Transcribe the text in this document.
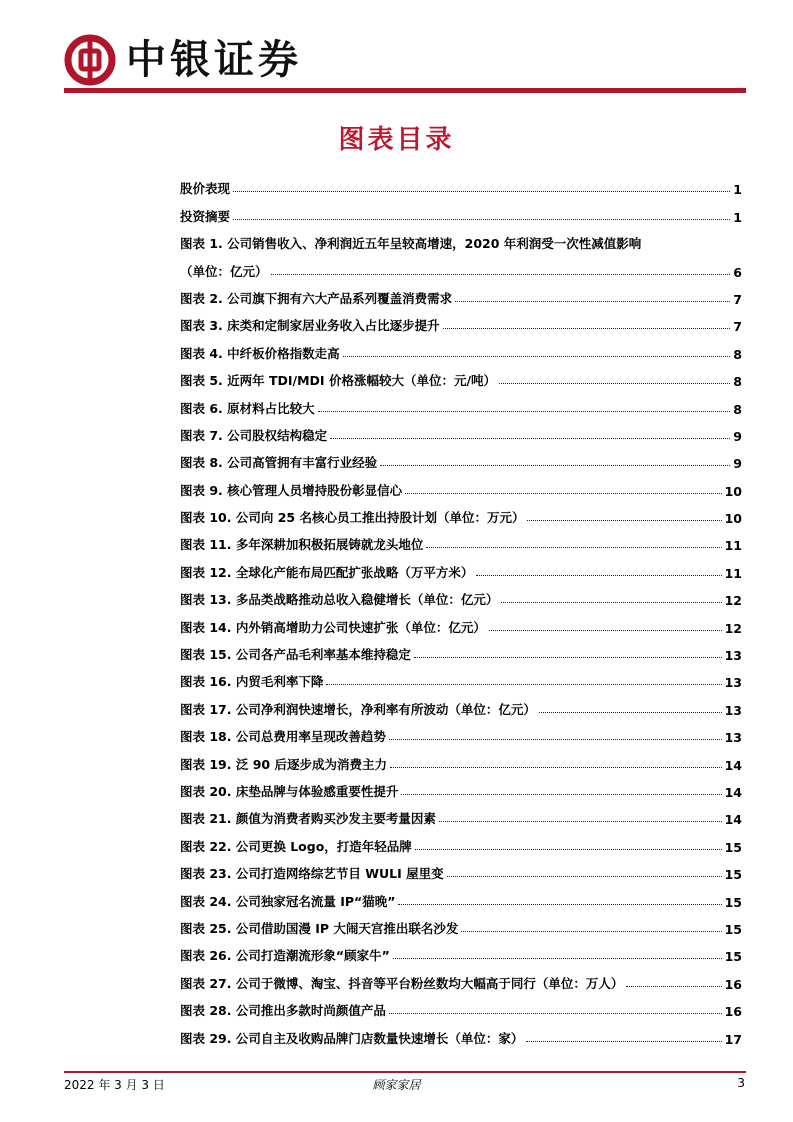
中银证券
图表目录
股价表现	1
投资摘要	1
图表 1. 公司销售收入、净利润近五年呈较高增速，2020 年利润受一次性减值影响
（单位：亿元）	6
图表 2. 公司旗下拥有六大产品系列覆盖消费需求	7
图表 3. 床类和定制家居业务收入占比逐步提升	7
图表 4. 中纤板价格指数走高	8
图表 5. 近两年 TDI/MDI 价格涨幅较大（单位：元/吨）	8
图表 6. 原材料占比较大	8
图表 7. 公司股权结构稳定	9
图表 8. 公司高管拥有丰富行业经验	9
图表 9. 核心管理人员增持股份彰显信心	10
图表 10. 公司向 25 名核心员工推出持股计划（单位：万元）	10
图表 11. 多年深耕加积极拓展铸就龙头地位	11
图表 12. 全球化产能布局匹配扩张战略（万平方米）	11
图表 13. 多品类战略推动总收入稳健增长（单位：亿元）	12
图表 14. 内外销高增助力公司快速扩张（单位：亿元）	12
图表 15. 公司各产品毛利率基本维持稳定	13
图表 16. 内贸毛利率下降	13
图表 17. 公司净利润快速增长，净利率有所波动（单位：亿元）	13
图表 18. 公司总费用率呈现改善趋势	13
图表 19. 泛 90 后逐步成为消费主力	14
图表 20. 床垫品牌与体验感重要性提升	14
图表 21. 颜值为消费者购买沙发主要考量因素	14
图表 22. 公司更换 Logo，打造年轻品牌	15
图表 23. 公司打造网络综艺节目 WULI 屋里变	15
图表 24. 公司独家冠名流量 IP“猫晚”	15
图表 25. 公司借助国漫 IP 大闹天宫推出联名沙发	15
图表 26. 公司打造潮流形象“顾家牛”	15
图表 27. 公司于微博、淘宝、抖音等平台粉丝数均大幅高于同行（单位：万人）	16
图表 28. 公司推出多款时尚颜值产品	16
图表 29. 公司自主及收购品牌门店数量快速增长（单位：家）	17
2022 年 3 月 3 日	顾家家居	3
